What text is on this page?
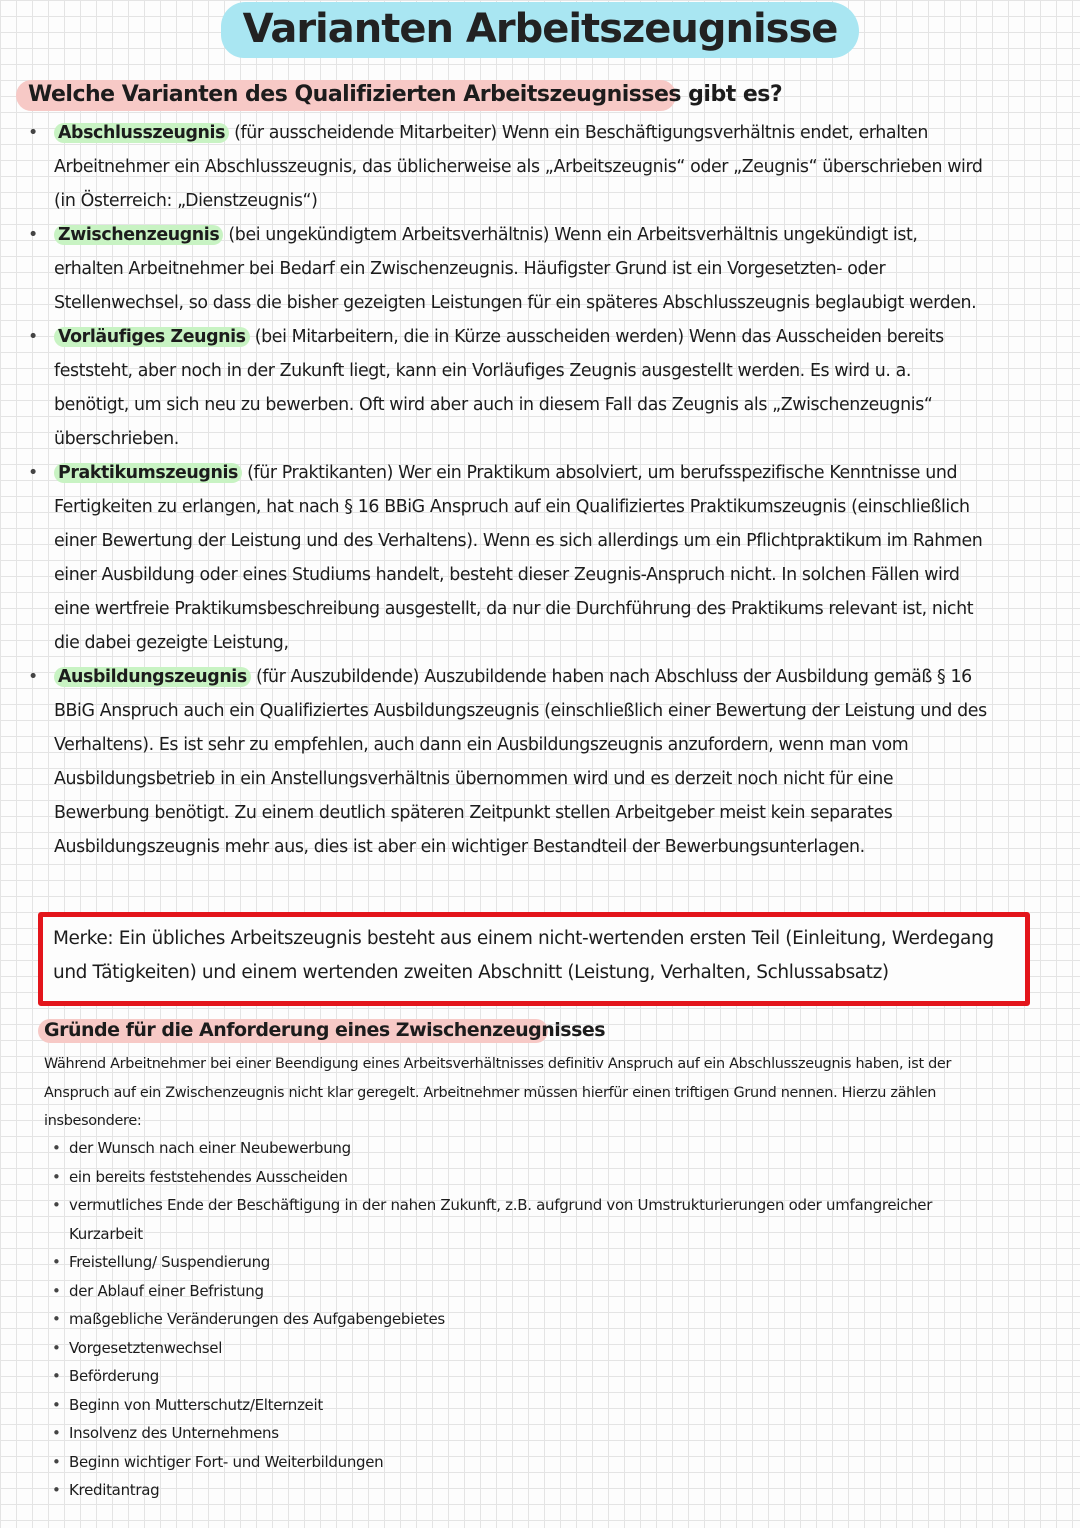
Varianten Arbeitszeugnisse
Welche Varianten des Qualifizierten Arbeitszeugnisses gibt es?
• Abschlusszeugnis (für ausscheidende Mitarbeiter) Wenn ein Beschäftigungsverhältnis endet, erhalten Arbeitnehmer ein Abschlusszeugnis, das üblicherweise als „Arbeitszeugnis“ oder „Zeugnis“ überschrieben wird (in Österreich: „Dienstzeugnis“)
• Zwischenzeugnis (bei ungekündigtem Arbeitsverhältnis) Wenn ein Arbeitsverhältnis ungekündigt ist, erhalten Arbeitnehmer bei Bedarf ein Zwischenzeugnis. Häufigster Grund ist ein Vorgesetzten- oder Stellenwechsel, so dass die bisher gezeigten Leistungen für ein späteres Abschlusszeugnis beglaubigt werden.
• Vorläufiges Zeugnis (bei Mitarbeitern, die in Kürze ausscheiden werden) Wenn das Ausscheiden bereits feststeht, aber noch in der Zukunft liegt, kann ein Vorläufiges Zeugnis ausgestellt werden. Es wird u. a. benötigt, um sich neu zu bewerben. Oft wird aber auch in diesem Fall das Zeugnis als „Zwischenzeugnis“ überschrieben.
• Praktikumszeugnis (für Praktikanten) Wer ein Praktikum absolviert, um berufsspezifische Kenntnisse und Fertigkeiten zu erlangen, hat nach § 16 BBiG Anspruch auf ein Qualifiziertes Praktikumszeugnis (einschließlich einer Bewertung der Leistung und des Verhaltens). Wenn es sich allerdings um ein Pflichtpraktikum im Rahmen einer Ausbildung oder eines Studiums handelt, besteht dieser Zeugnis-Anspruch nicht. In solchen Fällen wird eine wertfreie Praktikumsbeschreibung ausgestellt, da nur die Durchführung des Praktikums relevant ist, nicht die dabei gezeigte Leistung,
• Ausbildungszeugnis (für Auszubildende) Auszubildende haben nach Abschluss der Ausbildung gemäß § 16 BBiG Anspruch auch ein Qualifiziertes Ausbildungszeugnis (einschließlich einer Bewertung der Leistung und des Verhaltens). Es ist sehr zu empfehlen, auch dann ein Ausbildungszeugnis anzufordern, wenn man vom Ausbildungsbetrieb in ein Anstellungsverhältnis übernommen wird und es derzeit noch nicht für eine Bewerbung benötigt. Zu einem deutlich späteren Zeitpunkt stellen Arbeitgeber meist kein separates Ausbildungszeugnis mehr aus, dies ist aber ein wichtiger Bestandteil der Bewerbungsunterlagen.
Merke: Ein übliches Arbeitszeugnis besteht aus einem nicht-wertenden ersten Teil (Einleitung, Werdegang und Tätigkeiten) und einem wertenden zweiten Abschnitt (Leistung, Verhalten, Schlussabsatz)
Gründe für die Anforderung eines Zwischenzeugnisses
Während Arbeitnehmer bei einer Beendigung eines Arbeitsverhältnisses definitiv Anspruch auf ein Abschlusszeugnis haben, ist der Anspruch auf ein Zwischenzeugnis nicht klar geregelt. Arbeitnehmer müssen hierfür einen triftigen Grund nennen. Hierzu zählen insbesondere:
• der Wunsch nach einer Neubewerbung
• ein bereits feststehendes Ausscheiden
• vermutliches Ende der Beschäftigung in der nahen Zukunft, z.B. aufgrund von Umstrukturierungen oder umfangreicher Kurzarbeit
• Freistellung/ Suspendierung
• der Ablauf einer Befristung
• maßgebliche Veränderungen des Aufgabengebietes
• Vorgesetztenwechsel
• Beförderung
• Beginn von Mutterschutz/Elternzeit
• Insolvenz des Unternehmens
• Beginn wichtiger Fort- und Weiterbildungen
• Kreditantrag
